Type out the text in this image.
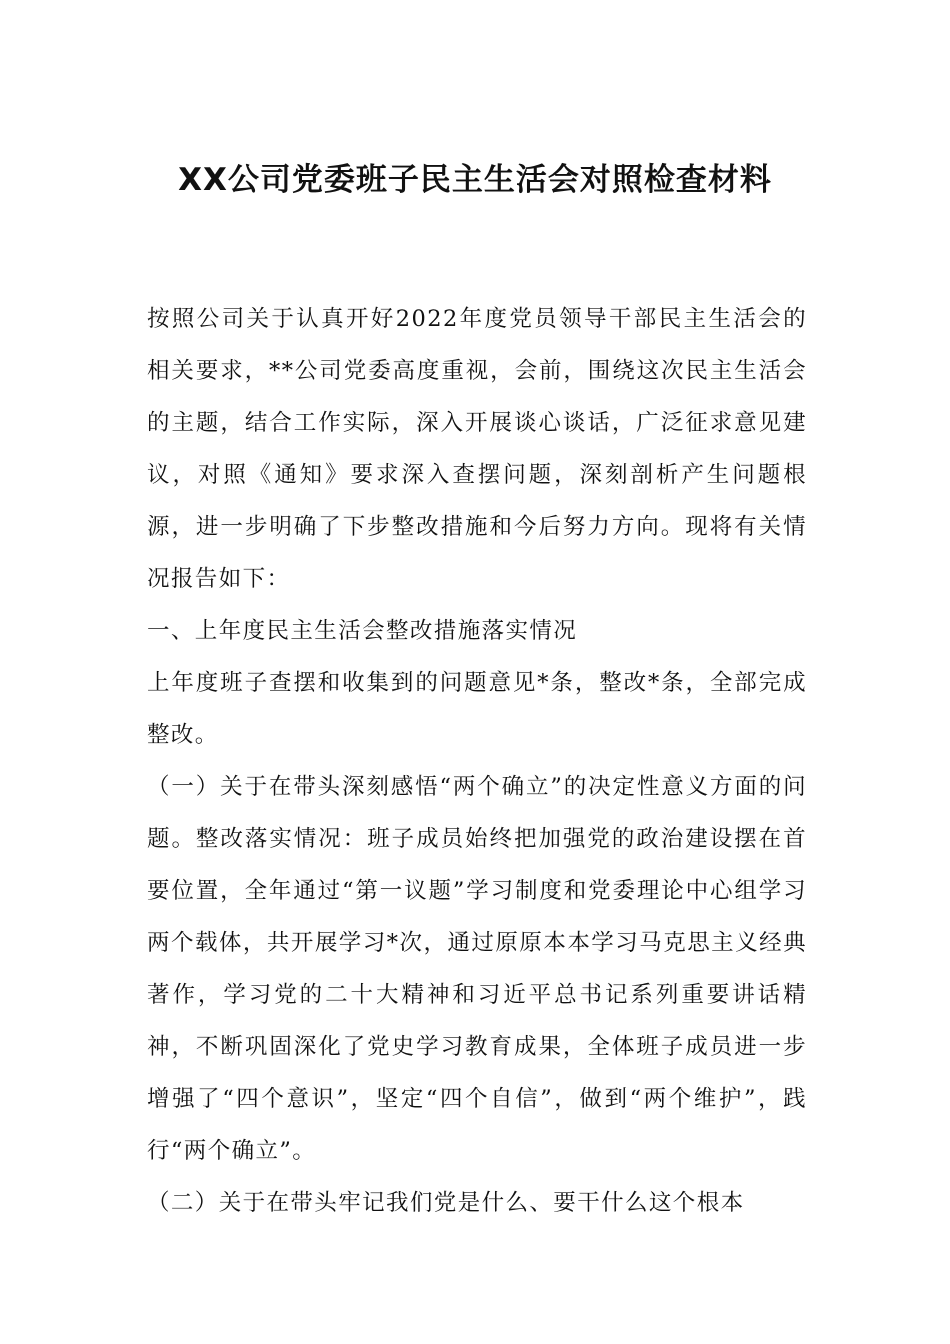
XX公司党委班子民主生活会对照检查材料

按照公司关于认真开好2022年度党员领导干部民主生活会的相关要求，**公司党委高度重视，会前，围绕这次民主生活会的主题，结合工作实际，深入开展谈心谈话，广泛征求意见建议，对照《通知》要求深入查摆问题，深刻剖析产生问题根源，进一步明确了下步整改措施和今后努力方向。现将有关情况报告如下：

一、上年度民主生活会整改措施落实情况

上年度班子查摆和收集到的问题意见*条，整改*条，全部完成整改。

（一）关于在带头深刻感悟“两个确立”的决定性意义方面的问题。整改落实情况：班子成员始终把加强党的政治建设摆在首要位置，全年通过“第一议题”学习制度和党委理论中心组学习两个载体，共开展学习*次，通过原原本本学习马克思主义经典著作，学习党的二十大精神和习近平总书记系列重要讲话精神，不断巩固深化了党史学习教育成果，全体班子成员进一步增强了“四个意识”，坚定“四个自信”，做到“两个维护”，践行“两个确立”。

（二）关于在带头牢记我们党是什么、要干什么这个根本
